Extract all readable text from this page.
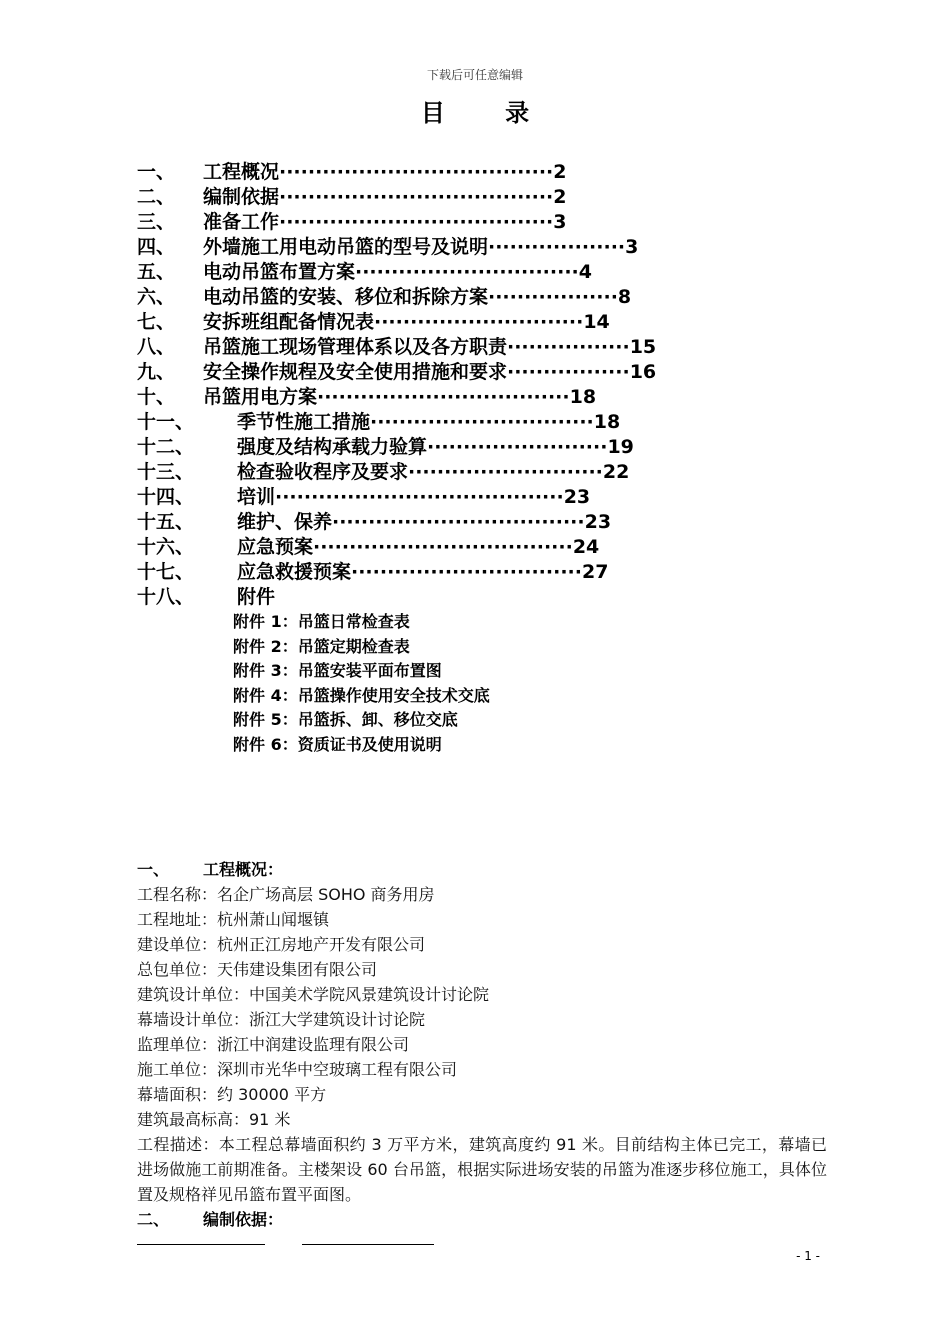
下载后可任意编辑
目 录
一、	工程概况······································2
二、	编制依据······································2
三、	准备工作······································3
四、	外墙施工用电动吊篮的型号及说明···················3
五、	电动吊篮布置方案·······························4
六、	电动吊篮的安装、移位和拆除方案··················8
七、	安拆班组配备情况表·····························14
八、	吊篮施工现场管理体系以及各方职责·················15
九、	安全操作规程及安全使用措施和要求·················16
十、	吊篮用电方案···································18
十一、	季节性施工措施·······························18
十二、	强度及结构承载力验算·························19
十三、	检查验收程序及要求···························22
十四、	培训········································23
十五、	维护、保养···································23
十六、	应急预案····································24
十七、	应急救援预案································27
十八、	附件
附件 1：吊篮日常检查表
附件 2：吊篮定期检查表
附件 3：吊篮安装平面布置图
附件 4：吊篮操作使用安全技术交底
附件 5：吊篮拆、卸、移位交底
附件 6：资质证书及使用说明
一、	工程概况：
工程名称：名企广场高层 SOHO 商务用房
工程地址：杭州萧山闻堰镇
建设单位：杭州正江房地产开发有限公司
总包单位：天伟建设集团有限公司
建筑设计单位：中国美术学院风景建筑设计讨论院
幕墙设计单位：浙江大学建筑设计讨论院
监理单位：浙江中润建设监理有限公司
施工单位：深圳市光华中空玻璃工程有限公司
幕墙面积：约 30000 平方
建筑最高标高：91 米
工程描述：本工程总幕墙面积约 3 万平方米，建筑高度约 91 米。目前结构主体已完工，幕墙已进场做施工前期准备。主楼架设 60 台吊篮，根据实际进场安装的吊篮为准逐步移位施工，具体位置及规格祥见吊篮布置平面图。
二、	编制依据：
- 1 -
